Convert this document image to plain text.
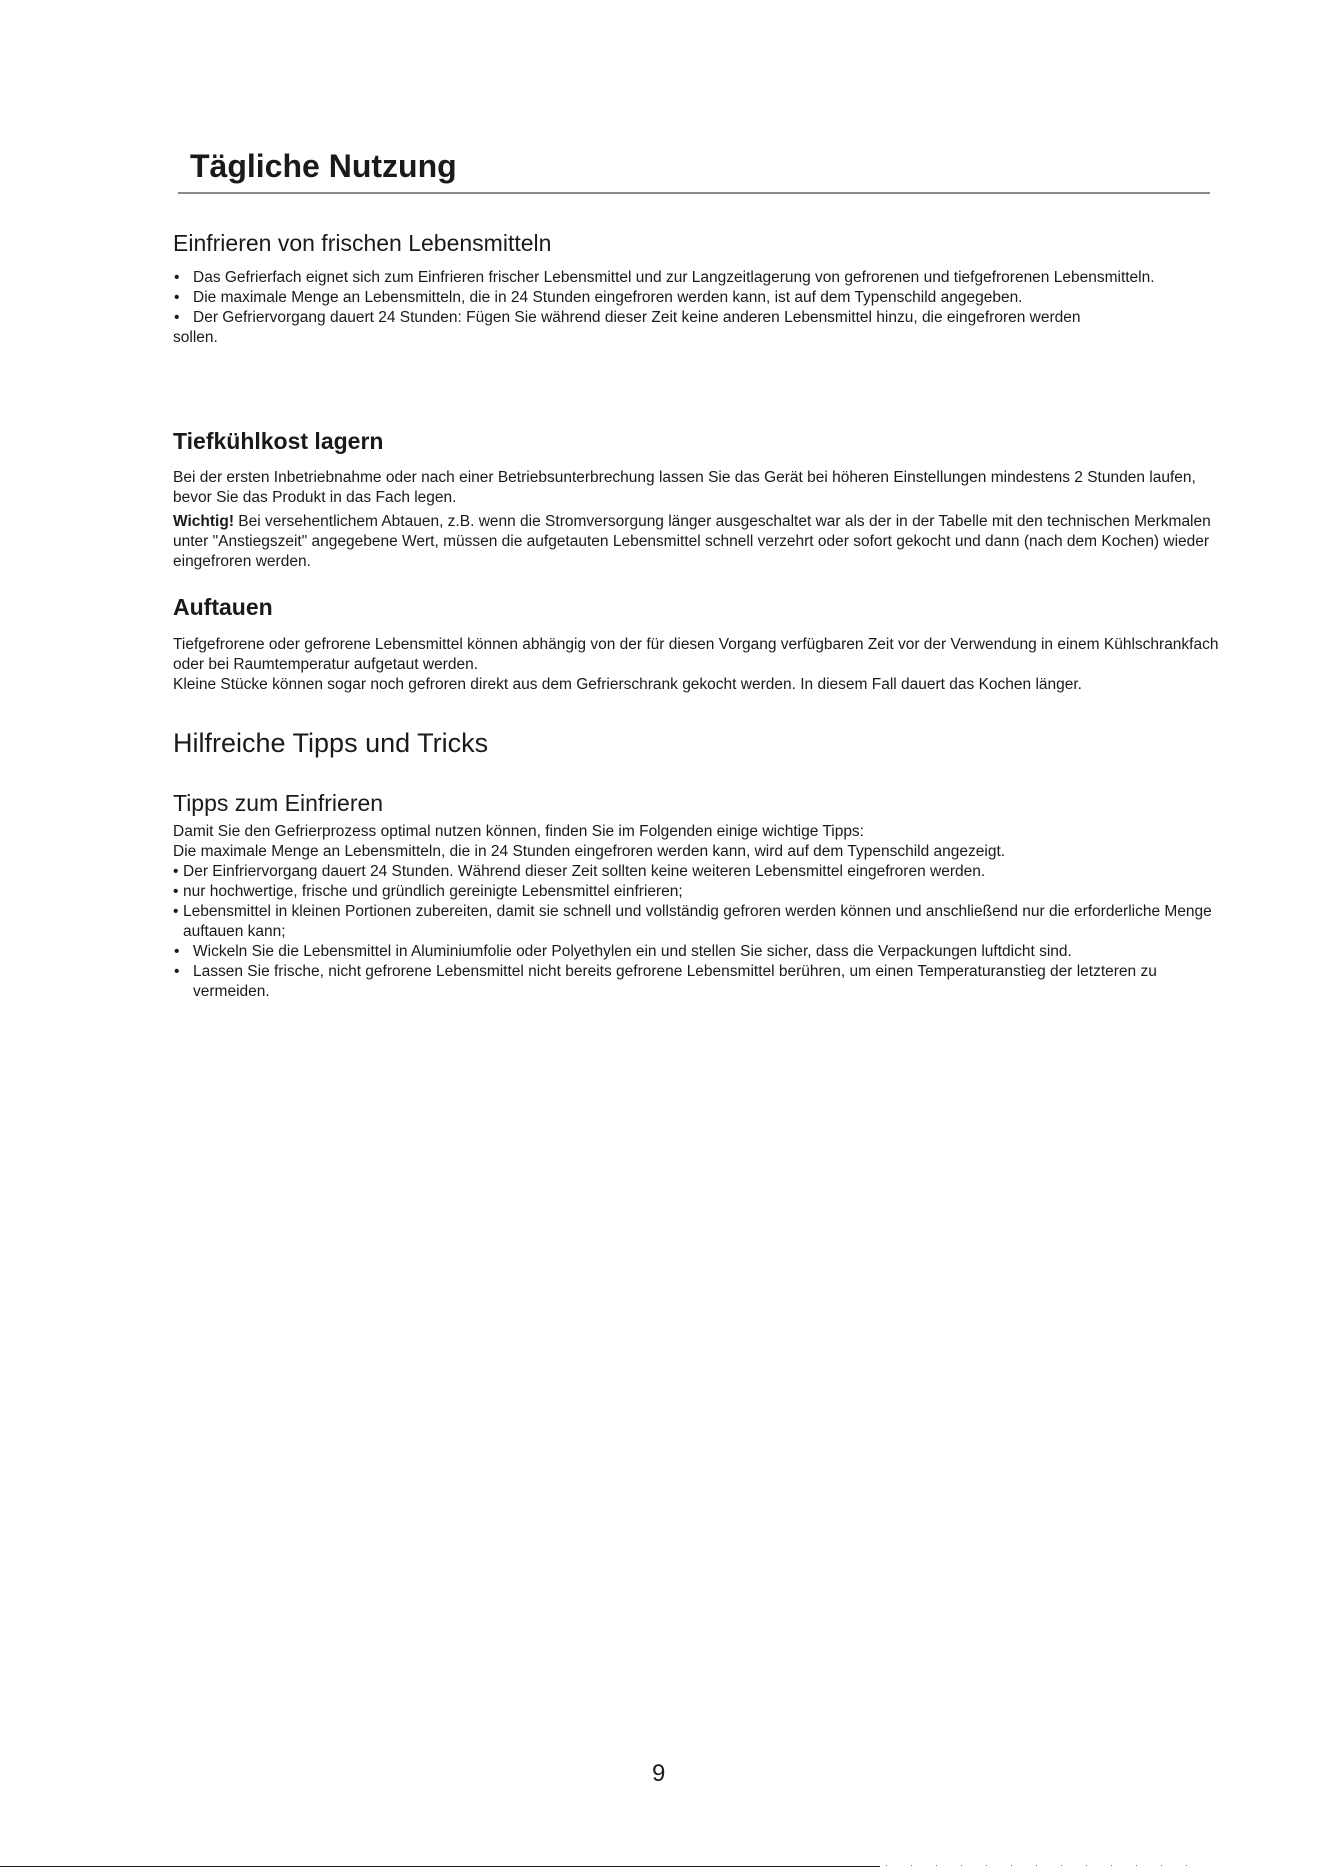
Tägliche Nutzung
Einfrieren von frischen Lebensmitteln

• Das Gefrierfach eignet sich zum Einfrieren frischer Lebensmittel und zur Langzeitlagerung von gefrorenen und tiefgefrorenen Lebensmitteln.

• Die maximale Menge an Lebensmitteln, die in 24 Stunden eingefroren werden kann, ist auf dem Typenschild angegeben.

• Der Gefriervorgang dauert 24 Stunden: Fügen Sie während dieser Zeit keine anderen Lebensmittel hinzu, die eingefroren werden

sollen.

Tiefkühlkost lagern

Bei der ersten Inbetriebnahme oder nach einer Betriebsunterbrechung lassen Sie das Gerät bei höheren Einstellungen mindestens 2 Stunden laufen, bevor Sie das Produkt in das Fach legen.

Wichtig! Bei versehentlichem Abtauen, z.B. wenn die Stromversorgung länger ausgeschaltet war als der in der Tabelle mit den technischen Merkmalen unter "Anstiegszeit" angegebene Wert, müssen die aufgetauten Lebensmittel schnell verzehrt oder sofort gekocht und dann (nach dem Kochen) wieder eingefroren werden.

Auftauen

Tiefgefrorene oder gefrorene Lebensmittel können abhängig von der für diesen Vorgang verfügbaren Zeit vor der Verwendung in einem Kühlschrankfach oder bei Raumtemperatur aufgetaut werden.

Kleine Stücke können sogar noch gefroren direkt aus dem Gefrierschrank gekocht werden. In diesem Fall dauert das Kochen länger.

Hilfreiche Tipps und Tricks
Tipps zum Einfrieren

Damit Sie den Gefrierprozess optimal nutzen können, finden Sie im Folgenden einige wichtige Tipps:

Die maximale Menge an Lebensmitteln, die in 24 Stunden eingefroren werden kann, wird auf dem Typenschild angezeigt.

• Der Einfriervorgang dauert 24 Stunden. Während dieser Zeit sollten keine weiteren Lebensmittel eingefroren werden.

• nur hochwertige, frische und gründlich gereinigte Lebensmittel einfrieren;

• Lebensmittel in kleinen Portionen zubereiten, damit sie schnell und vollständig gefroren werden können und anschließend nur die erforderliche Menge auftauen kann;

• Wickeln Sie die Lebensmittel in Aluminiumfolie oder Polyethylen ein und stellen Sie sicher, dass die Verpackungen luftdicht sind.

• Lassen Sie frische, nicht gefrorene Lebensmittel nicht bereits gefrorene Lebensmittel berühren, um einen Temperaturanstieg der letzteren zu vermeiden.

9
·············
